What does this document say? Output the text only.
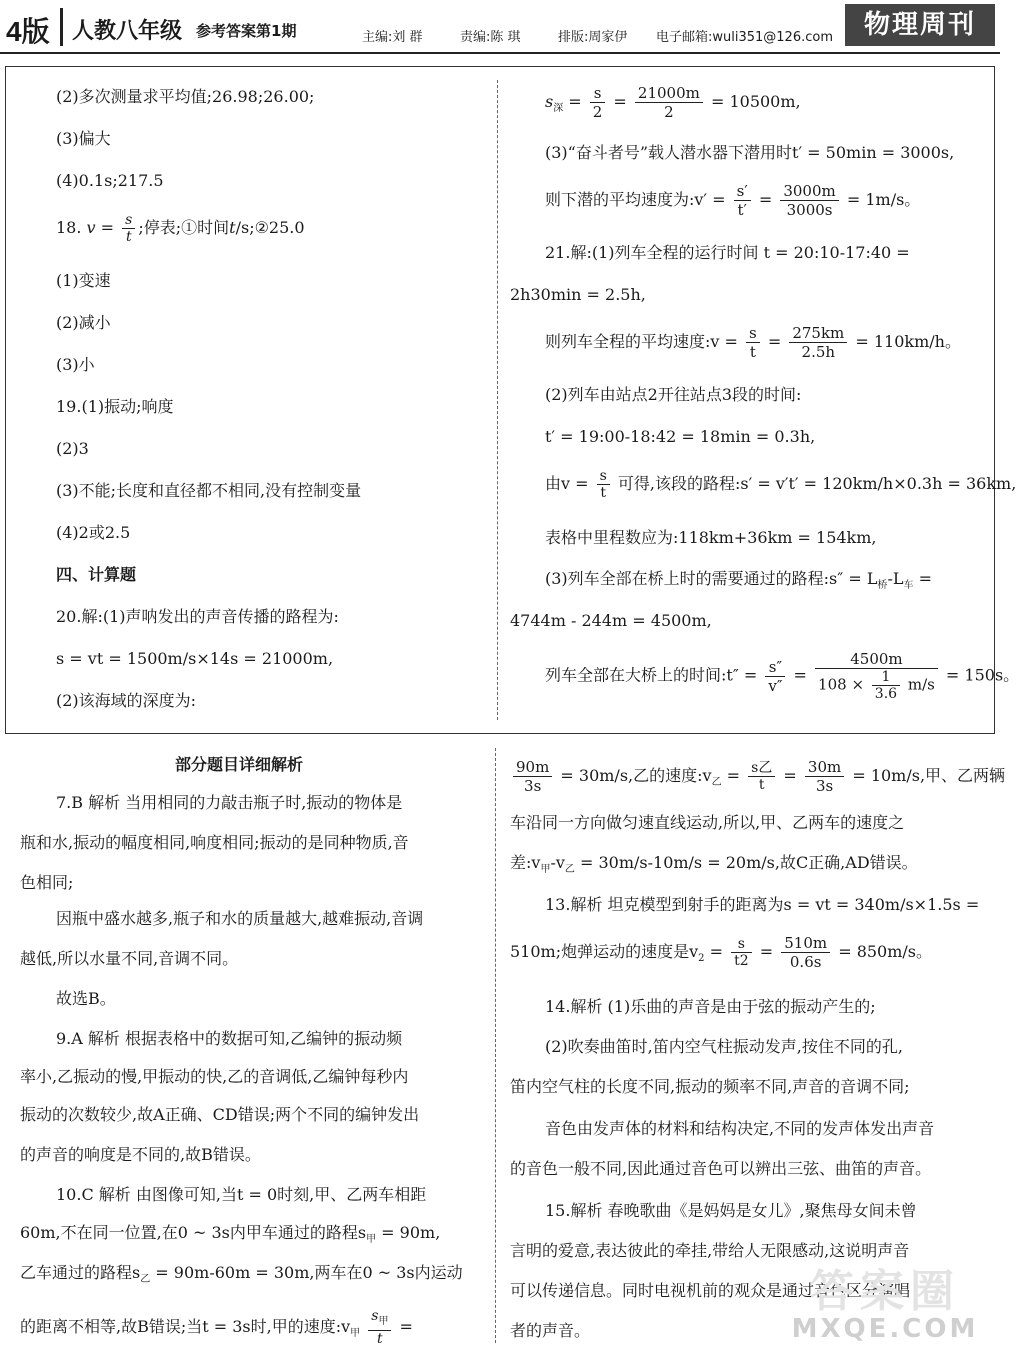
4版 人教八年级 参考答案第1期	主编:刘 群	责编:陈 琪	排版:周家伊 电子邮箱:wuli351@126.com	物理周刊
(2)多次测量求平均值;26.98;26.00;
(3)偏大
(4)0.1s;217.5
18. $v = \frac{s}{t}$ ;停表;①时间t/s;②25.0
(1)变速
(2)减小
(3)小
19.(1)振动;响度
(2)3
(3)不能;长度和直径都不相同,没有控制变量
(4)2或2.5
四、计算题
20.解:(1)声呐发出的声音传播的路程为:
s = vt = 1500m/s×14s = 21000m,
(2)该海域的深度为:
$s_深 = \frac{s}{2} = \frac{21000m}{2} = 10500m$,
(3)“奋斗者号”载人潜水器下潜用时t′ = 50min = 3000s,
则下潜的平均速度为:v′ = $\frac{s'}{t'} = \frac{3000m}{3000s} = 1m/s$。
21.解:(1)列车全程的运行时间 t = 20:10-17:40 =
2h30min = 2.5h,
则列车全程的平均速度:v = $\frac{s}{t} = \frac{275km}{2.5h} = 110km/h$。
(2)列车由站点2开往站点3段的时间:
t′ = 19:00-18:42 = 18min = 0.3h,
由$v = \frac{s}{t}$ 可得,该段的路程:s′ = v′t′ = 120km/h×0.3h = 36km,
表格中里程数应为:118km+36km = 154km,
(3)列车全部在桥上时的需要通过的路程:s″ = $L_桥-L_车$ =
4744m - 244m = 4500m,
列车全部在大桥上的时间:t″ = $\frac{s''}{v''} = \frac{4500m}{108 \times \frac{1}{3.6} m/s} = 150s$。
部分题目详细解析
7.B 解析 当用相同的力敲击瓶子时,振动的物体是
瓶和水,振动的幅度相同,响度相同;振动的是同种物质,音
色相同;
因瓶中盛水越多,瓶子和水的质量越大,越难振动,音调
越低,所以水量不同,音调不同。
故选B。
9.A 解析 根据表格中的数据可知,乙编钟的振动频
率小,乙振动的慢,甲振动的快,乙的音调低,乙编钟每秒内
振动的次数较少,故A正确、CD错误;两个不同的编钟发出
的声音的响度是不同的,故B错误。
10.C 解析 由图像可知,当t = 0时刻,甲、乙两车相距
60m,不在同一位置,在0 ~ 3s内甲车通过的路程$s_甲 = 90m$,
乙车通过的路程$s_乙 = 90m-60m = 30m$,两车在0 ~ 3s内运动
的距离不相等,故B错误;当t = 3s时,甲的速度$:v_甲 \frac{s_甲}{t}$ =
$\frac{90m}{3s} = 30m/s$,乙的速度$:v_乙 = \frac{\text{s乙}}{t} = \frac{30m}{3s} = 10m/s$,甲、乙两辆
车沿同一方向做匀速直线运动,所以,甲、乙两车的速度之
差$:v_甲-v_乙 = 30m/s-10m/s = 20m/s$,故C正确,AD错误。
13.解析 坦克模型到射手的距离为s = vt = 340m/s×1.5s =
510m;炮弹运动的速度是$v_2 = \frac{s}{t2} = \frac{510m}{0.6s} = 850m/s$。
14.解析 (1)乐曲的声音是由于弦的振动产生的;
(2)吹奏曲笛时,笛内空气柱振动发声,按住不同的孔,
笛内空气柱的长度不同,振动的频率不同,声音的音调不同;
音色由发声体的材料和结构决定,不同的发声体发出声音
的音色一般不同,因此通过音色可以辨出三弦、曲笛的声音。
15.解析 春晚歌曲《是妈妈是女儿》,聚焦母女间未曾
言明的爱意,表达彼此的牵挂,带给人无限感动,这说明声音
可以传递信息。同时电视机前的观众是通过音色区分演唱
者的声音。
答案圈
MXQE.COM
